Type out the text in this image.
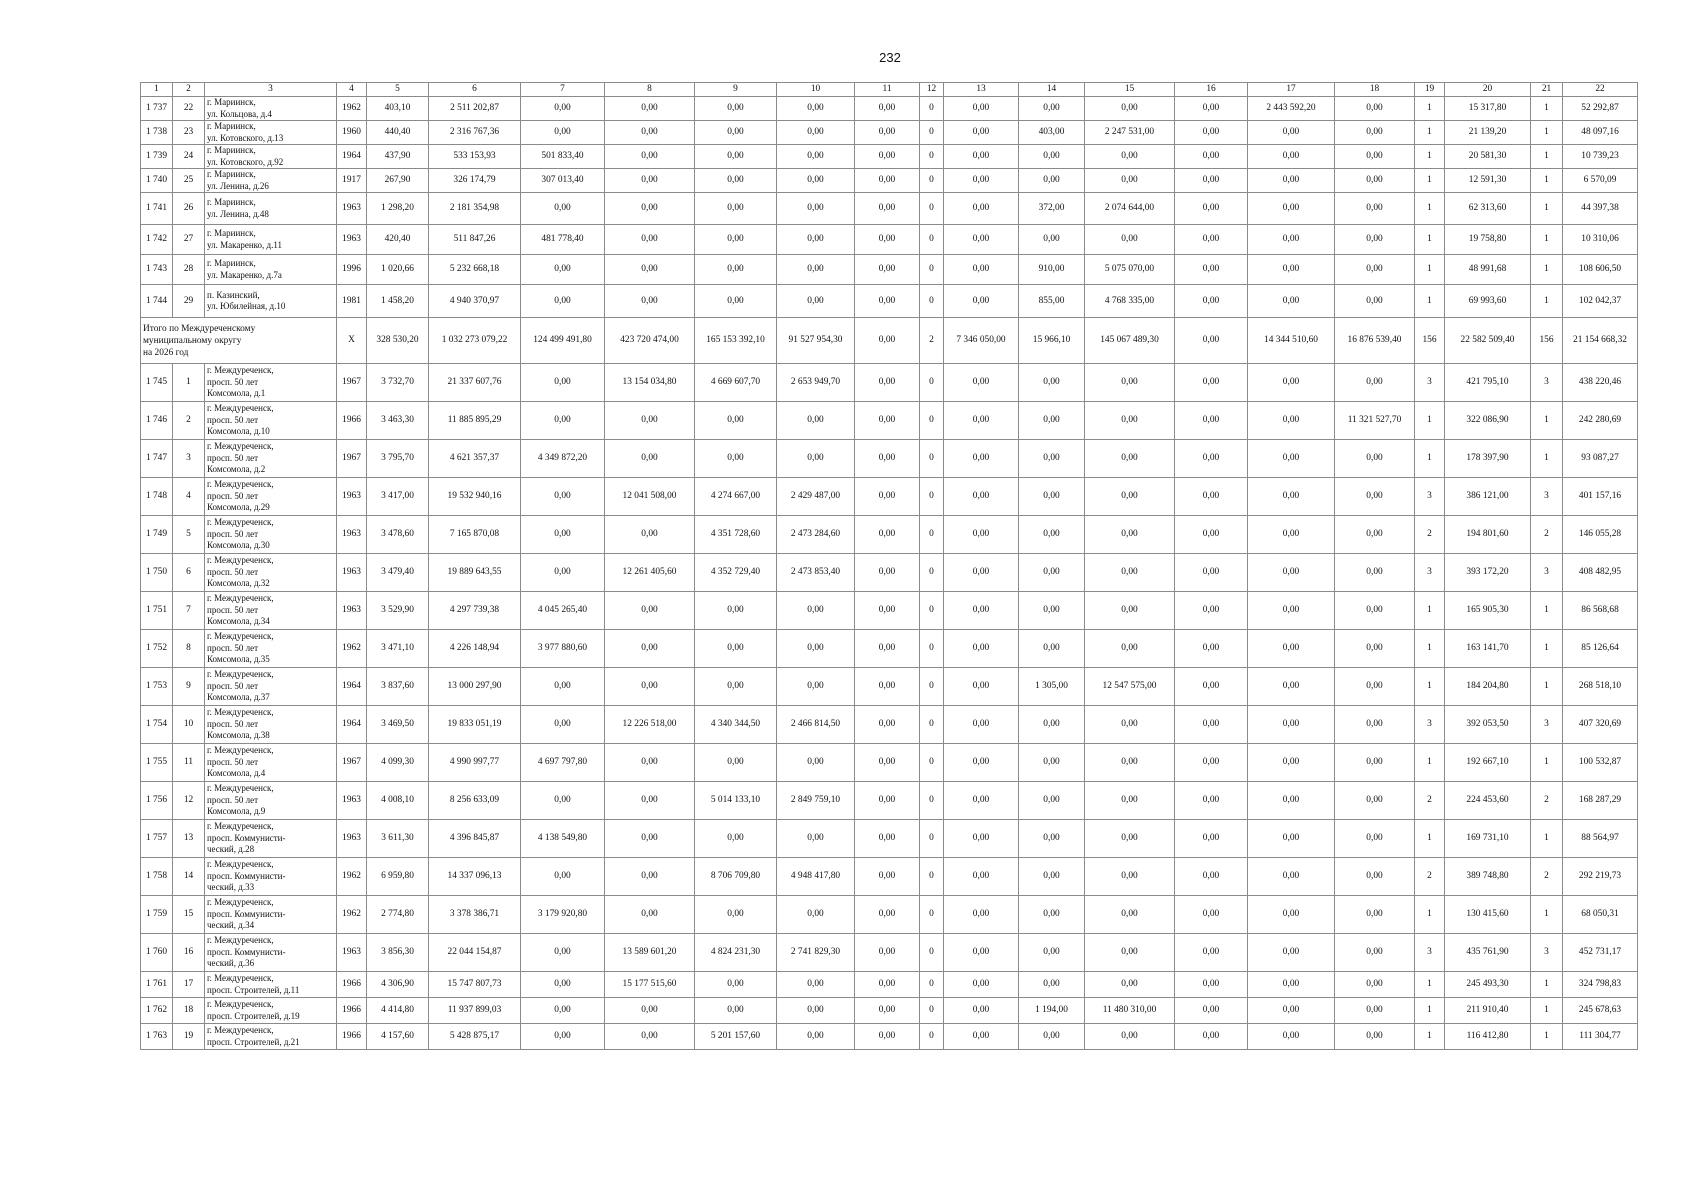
232
1	2	3	4	5	6	7	8	9	10	11	12	13	14	15	16	17	18	19	20	21	22
1 737	22	г. Мариинск,
ул. Кольцова, д.4	1962	403,10	2 511 202,87	0,00	0,00	0,00	0,00	0,00	0	0,00	0,00	0,00	0,00	2 443 592,20	0,00	1	15 317,80	1	52 292,87
1 738	23	г. Мариинск,
ул. Котовского, д.13	1960	440,40	2 316 767,36	0,00	0,00	0,00	0,00	0,00	0	0,00	403,00	2 247 531,00	0,00	0,00	0,00	1	21 139,20	1	48 097,16
1 739	24	г. Мариинск,
ул. Котовского, д.92	1964	437,90	533 153,93	501 833,40	0,00	0,00	0,00	0,00	0	0,00	0,00	0,00	0,00	0,00	0,00	1	20 581,30	1	10 739,23
1 740	25	г. Мариинск,
ул. Ленина, д.26	1917	267,90	326 174,79	307 013,40	0,00	0,00	0,00	0,00	0	0,00	0,00	0,00	0,00	0,00	0,00	1	12 591,30	1	6 570,09
1 741	26	г. Мариинск,
ул. Ленина, д.48	1963	1 298,20	2 181 354,98	0,00	0,00	0,00	0,00	0,00	0	0,00	372,00	2 074 644,00	0,00	0,00	0,00	1	62 313,60	1	44 397,38
1 742	27	г. Мариинск,
ул. Макаренко, д.11	1963	420,40	511 847,26	481 778,40	0,00	0,00	0,00	0,00	0	0,00	0,00	0,00	0,00	0,00	0,00	1	19 758,80	1	10 310,06
1 743	28	г. Мариинск,
ул. Макаренко, д.7а	1996	1 020,66	5 232 668,18	0,00	0,00	0,00	0,00	0,00	0	0,00	910,00	5 075 070,00	0,00	0,00	0,00	1	48 991,68	1	108 606,50
1 744	29	п. Казинский,
ул. Юбилейная, д.10	1981	1 458,20	4 940 370,97	0,00	0,00	0,00	0,00	0,00	0	0,00	855,00	4 768 335,00	0,00	0,00	0,00	1	69 993,60	1	102 042,37

Итого по Междуреченскому
муниципальному округу
на 2026 год			Х	328 530,20	1 032 273 079,22	124 499 491,80	423 720 474,00	165 153 392,10	91 527 954,30	0,00	2	7 346 050,00	15 966,10	145 067 489,30	0,00	14 344 510,60	16 876 539,40	156	22 582 509,40	156	21 154 668,32
1 745	1	г. Междуреченск,
просп. 50 лет
Комсомола, д.1	1967	3 732,70	21 337 607,76	0,00	13 154 034,80	4 669 607,70	2 653 949,70	0,00	0	0,00	0,00	0,00	0,00	0,00	0,00	3	421 795,10	3	438 220,46
1 746	2	г. Междуреченск,
просп. 50 лет
Комсомола, д.10	1966	3 463,30	11 885 895,29	0,00	0,00	0,00	0,00	0,00	0	0,00	0,00	0,00	0,00	0,00	11 321 527,70	1	322 086,90	1	242 280,69
1 747	3	г. Междуреченск,
просп. 50 лет
Комсомола, д.2	1967	3 795,70	4 621 357,37	4 349 872,20	0,00	0,00	0,00	0,00	0	0,00	0,00	0,00	0,00	0,00	0,00	1	178 397,90	1	93 087,27
1 748	4	г. Междуреченск,
просп. 50 лет
Комсомола, д.29	1963	3 417,00	19 532 940,16	0,00	12 041 508,00	4 274 667,00	2 429 487,00	0,00	0	0,00	0,00	0,00	0,00	0,00	0,00	3	386 121,00	3	401 157,16
1 749	5	г. Междуреченск,
просп. 50 лет
Комсомола, д.30	1963	3 478,60	7 165 870,08	0,00	0,00	4 351 728,60	2 473 284,60	0,00	0	0,00	0,00	0,00	0,00	0,00	0,00	2	194 801,60	2	146 055,28
1 750	6	г. Междуреченск,
просп. 50 лет
Комсомола, д.32	1963	3 479,40	19 889 643,55	0,00	12 261 405,60	4 352 729,40	2 473 853,40	0,00	0	0,00	0,00	0,00	0,00	0,00	0,00	3	393 172,20	3	408 482,95
1 751	7	г. Междуреченск,
просп. 50 лет
Комсомола, д.34	1963	3 529,90	4 297 739,38	4 045 265,40	0,00	0,00	0,00	0,00	0	0,00	0,00	0,00	0,00	0,00	0,00	1	165 905,30	1	86 568,68
1 752	8	г. Междуреченск,
просп. 50 лет
Комсомола, д.35	1962	3 471,10	4 226 148,94	3 977 880,60	0,00	0,00	0,00	0,00	0	0,00	0,00	0,00	0,00	0,00	0,00	1	163 141,70	1	85 126,64
1 753	9	г. Междуреченск,
просп. 50 лет
Комсомола, д.37	1964	3 837,60	13 000 297,90	0,00	0,00	0,00	0,00	0,00	0	0,00	1 305,00	12 547 575,00	0,00	0,00	0,00	1	184 204,80	1	268 518,10
1 754	10	г. Междуреченск,
просп. 50 лет
Комсомола, д.38	1964	3 469,50	19 833 051,19	0,00	12 226 518,00	4 340 344,50	2 466 814,50	0,00	0	0,00	0,00	0,00	0,00	0,00	0,00	3	392 053,50	3	407 320,69
1 755	11	г. Междуреченск,
просп. 50 лет
Комсомола, д.4	1967	4 099,30	4 990 997,77	4 697 797,80	0,00	0,00	0,00	0,00	0	0,00	0,00	0,00	0,00	0,00	0,00	1	192 667,10	1	100 532,87
1 756	12	г. Междуреченск,
просп. 50 лет
Комсомола, д.9	1963	4 008,10	8 256 633,09	0,00	0,00	5 014 133,10	2 849 759,10	0,00	0	0,00	0,00	0,00	0,00	0,00	0,00	2	224 453,60	2	168 287,29
1 757	13	г. Междуреченск,
просп. Коммунисти-
ческий, д.28	1963	3 611,30	4 396 845,87	4 138 549,80	0,00	0,00	0,00	0,00	0	0,00	0,00	0,00	0,00	0,00	0,00	1	169 731,10	1	88 564,97
1 758	14	г. Междуреченск,
просп. Коммунисти-
ческий, д.33	1962	6 959,80	14 337 096,13	0,00	0,00	8 706 709,80	4 948 417,80	0,00	0	0,00	0,00	0,00	0,00	0,00	0,00	2	389 748,80	2	292 219,73
1 759	15	г. Междуреченск,
просп. Коммунисти-
ческий, д.34	1962	2 774,80	3 378 386,71	3 179 920,80	0,00	0,00	0,00	0,00	0	0,00	0,00	0,00	0,00	0,00	0,00	1	130 415,60	1	68 050,31
1 760	16	г. Междуреченск,
просп. Коммунисти-
ческий, д.36	1963	3 856,30	22 044 154,87	0,00	13 589 601,20	4 824 231,30	2 741 829,30	0,00	0	0,00	0,00	0,00	0,00	0,00	0,00	3	435 761,90	3	452 731,17
1 761	17	г. Междуреченск,
просп. Строителей, д.11	1966	4 306,90	15 747 807,73	0,00	15 177 515,60	0,00	0,00	0,00	0	0,00	0,00	0,00	0,00	0,00	0,00	1	245 493,30	1	324 798,83
1 762	18	г. Междуреченск,
просп. Строителей, д.19	1966	4 414,80	11 937 899,03	0,00	0,00	0,00	0,00	0,00	0	0,00	1 194,00	11 480 310,00	0,00	0,00	0,00	1	211 910,40	1	245 678,63
1 763	19	г. Междуреченск,
просп. Строителей, д.21	1966	4 157,60	5 428 875,17	0,00	0,00	5 201 157,60	0,00	0,00	0	0,00	0,00	0,00	0,00	0,00	0,00	1	116 412,80	1	111 304,77
